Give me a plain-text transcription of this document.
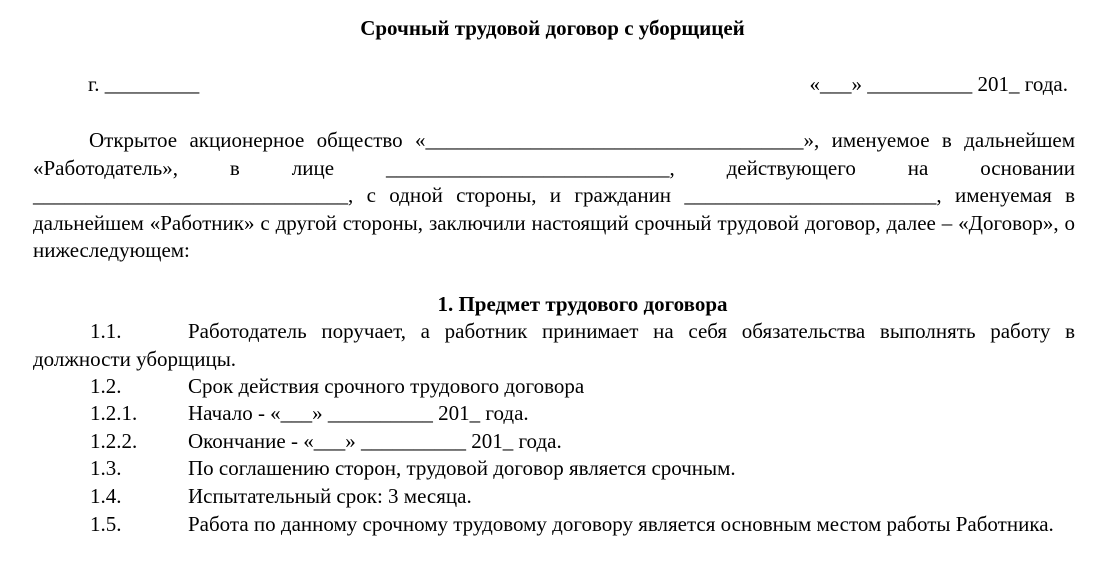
Срочный трудовой договор с уборщицей
г. _________	«___» __________ 201_ года.

Открытое акционерное общество «____________________________________», именуемое в дальнейшем «Работодатель», в лице ___________________________, действующего на основании ______________________________, с одной стороны, и гражданин ________________________, именуемая в дальнейшем «Работник» с другой стороны, заключили настоящий срочный трудовой договор, далее – «Договор», о нижеследующем:

1. Предмет трудового договора
1.1.	Работодатель поручает, а работник принимает на себя обязательства выполнять работу в должности уборщицы.
1.2.	Срок действия срочного трудового договора
1.2.1. Начало - «___» __________ 201_ года.
1.2.2. Окончание - «___» __________ 201_ года.
1.3.	По соглашению сторон, трудовой договор является срочным.
1.4.	Испытательный срок: 3 месяца.
1.5.	Работа по данному срочному трудовому договору является основным местом работы Работника.
